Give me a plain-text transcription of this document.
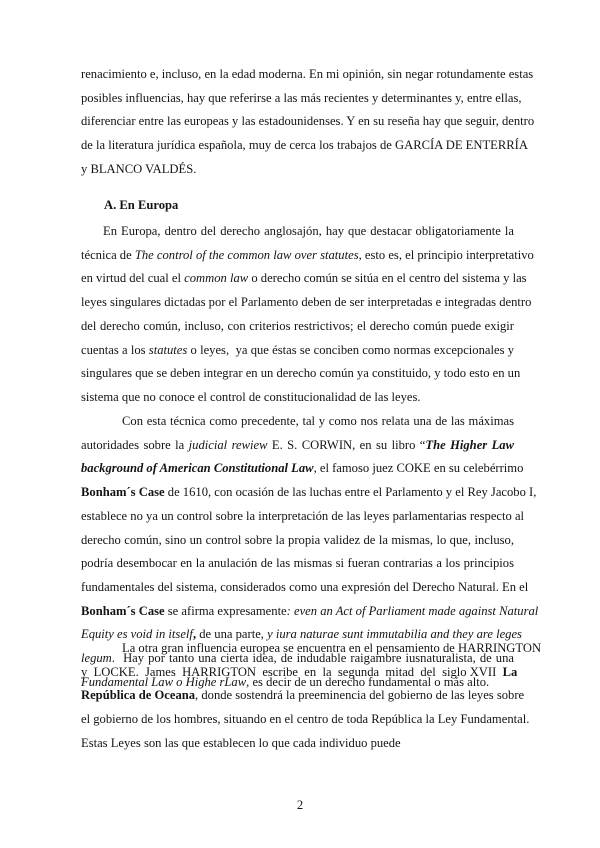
renacimiento e, incluso, en la edad moderna. En mi opinión, sin negar rotundamente estas
posibles influencias, hay que referirse a las más recientes y determinantes y, entre ellas,
diferenciar entre las europeas y las estadounidenses. Y en su reseña hay que seguir, dentro
de la literatura jurídica española, muy de cerca los trabajos de GARCÍA DE ENTERRÍA
y BLANCO VALDÉS.
A. En Europa
En Europa, dentro del derecho anglosajón, hay que destacar obligatoriamente la
técnica de The control of the common law over statutes, esto es, el principio interpretativo
en virtud del cual el common law o derecho común se sitúa en el centro del sistema y las
leyes singulares dictadas por el Parlamento deben de ser interpretadas e integradas dentro
del derecho común, incluso, con criterios restrictivos; el derecho común puede exigir
cuentas a los statutes o leyes,  ya que éstas se conciben como normas excepcionales y
singulares que se deben integrar en un derecho común ya constituido, y todo esto en un
sistema que no conoce el control de constitucionalidad de las leyes.
Con esta técnica como precedente, tal y como nos relata una de las máximas
autoridades sobre la judicial rewiew E. S. CORWIN, en su libro “The Higher Law
background of American Constitutional Law, el famoso juez COKE en su celebérrimo
Bonham´s Case de 1610, con ocasión de las luchas entre el Parlamento y el Rey Jacobo I,
establece no ya un control sobre la interpretación de las leyes parlamentarias respecto al
derecho común, sino un control sobre la propia validez de la mismas, lo que, incluso,
podría desembocar en la anulación de las mismas si fueran contrarias a los principios
fundamentales del sistema, considerados como una expresión del Derecho Natural. En el
Bonham´s Case se afirma expresamente: even an Act of Parliament made against Natural
Equity es void in itself, de una parte, y iura naturae sunt immutabilia and they are leges
legum.  Hay por tanto una cierta idea, de indudable raigambre iusnaturalista, de una
Fundamental Law o Highe rLaw, es decir de un derecho fundamental o más alto.
La otra gran influencia europea se encuentra en el pensamiento de HARRINGTON
y  LOCKE.  James  HARRIGTON  escribe  en  la  segunda  mitad  del  siglo XVII  La
República de Oceana, donde sostendrá la preeminencia del gobierno de las leyes sobre
el gobierno de los hombres, situando en el centro de toda República la Ley Fundamental.
Estas Leyes son las que establecen lo que cada individuo puede
2
